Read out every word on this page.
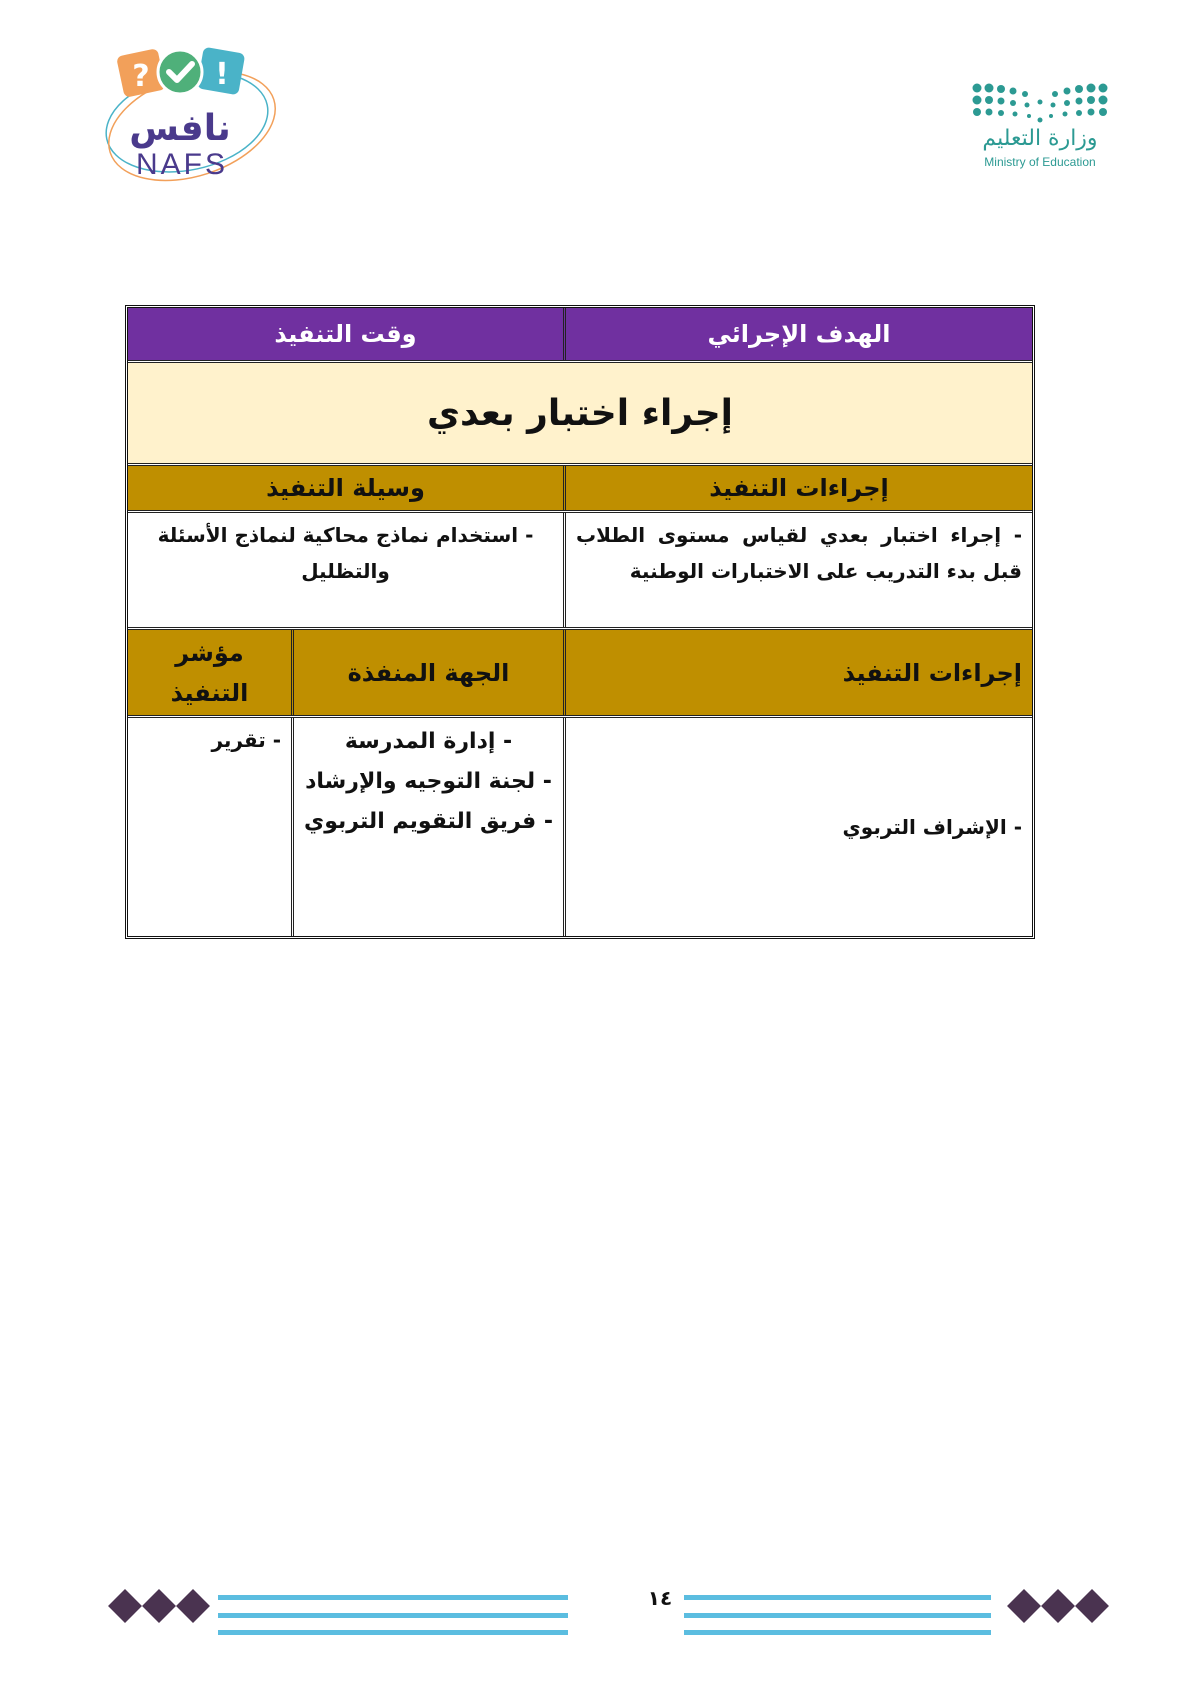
? !
نافس
NAFS
وزارة التعليم
Ministry of Education
الهدف الإجرائي
وقت التنفيذ
إجراء اختبار بعدي
إجراءات التنفيذ
وسيلة التنفيذ
- إجراء اختبار بعدي لقياس مستوى الطلاب قبل بدء التدريب على الاختبارات الوطنية
- استخدام نماذج محاكية لنماذج الأسئلة والتظليل
إجراءات التنفيذ
الجهة المنفذة
مؤشر التنفيذ
- الإشراف التربوي
- إدارة المدرسة
- لجنة التوجيه والإرشاد
- فريق التقويم التربوي
- تقرير
١٤
